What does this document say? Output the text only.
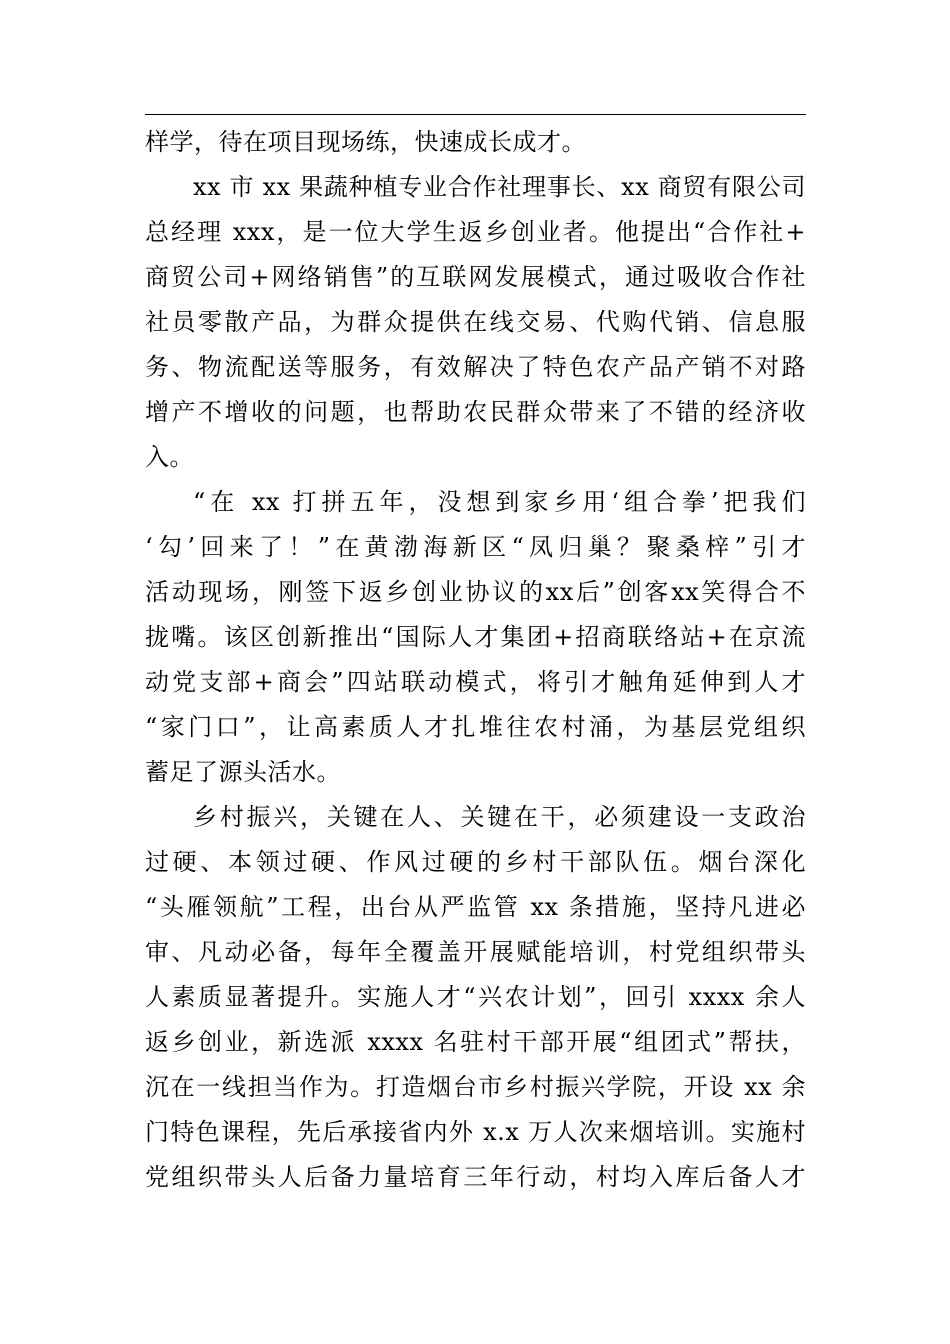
样学，待在项目现场练，快速成长成才。
xx 市 xx 果蔬种植专业合作社理事长、xx 商贸有限公司
总经理 xxx，是一位大学生返乡创业者。他提出“合作社+
商贸公司+网络销售”的互联网发展模式，通过吸收合作社
社员零散产品，为群众提供在线交易、代购代销、信息服
务、物流配送等服务，有效解决了特色农产品产销不对路
增产不增收的问题，也帮助农民群众带来了不错的经济收
入。
“在 xx 打拼五年，没想到家乡用‘组合拳’把我们
‘勾’回来了！”在黄渤海新区“凤归巢？聚桑梓”引才
活动现场，刚签下返乡创业协议的xx后”创客xx笑得合不
拢嘴。该区创新推出“国际人才集团+招商联络站+在京流
动党支部+商会”四站联动模式，将引才触角延伸到人才
“家门口”，让高素质人才扎堆往农村涌，为基层党组织
蓄足了源头活水。
乡村振兴，关键在人、关键在干，必须建设一支政治
过硬、本领过硬、作风过硬的乡村干部队伍。烟台深化
“头雁领航”工程，出台从严监管 xx 条措施，坚持凡进必
审、凡动必备，每年全覆盖开展赋能培训，村党组织带头
人素质显著提升。实施人才“兴农计划”，回引 xxxx 余人
返乡创业，新选派 xxxx 名驻村干部开展“组团式”帮扶，
沉在一线担当作为。打造烟台市乡村振兴学院，开设 xx 余
门特色课程，先后承接省内外 x.x 万人次来烟培训。实施村
党组织带头人后备力量培育三年行动，村均入库后备人才
